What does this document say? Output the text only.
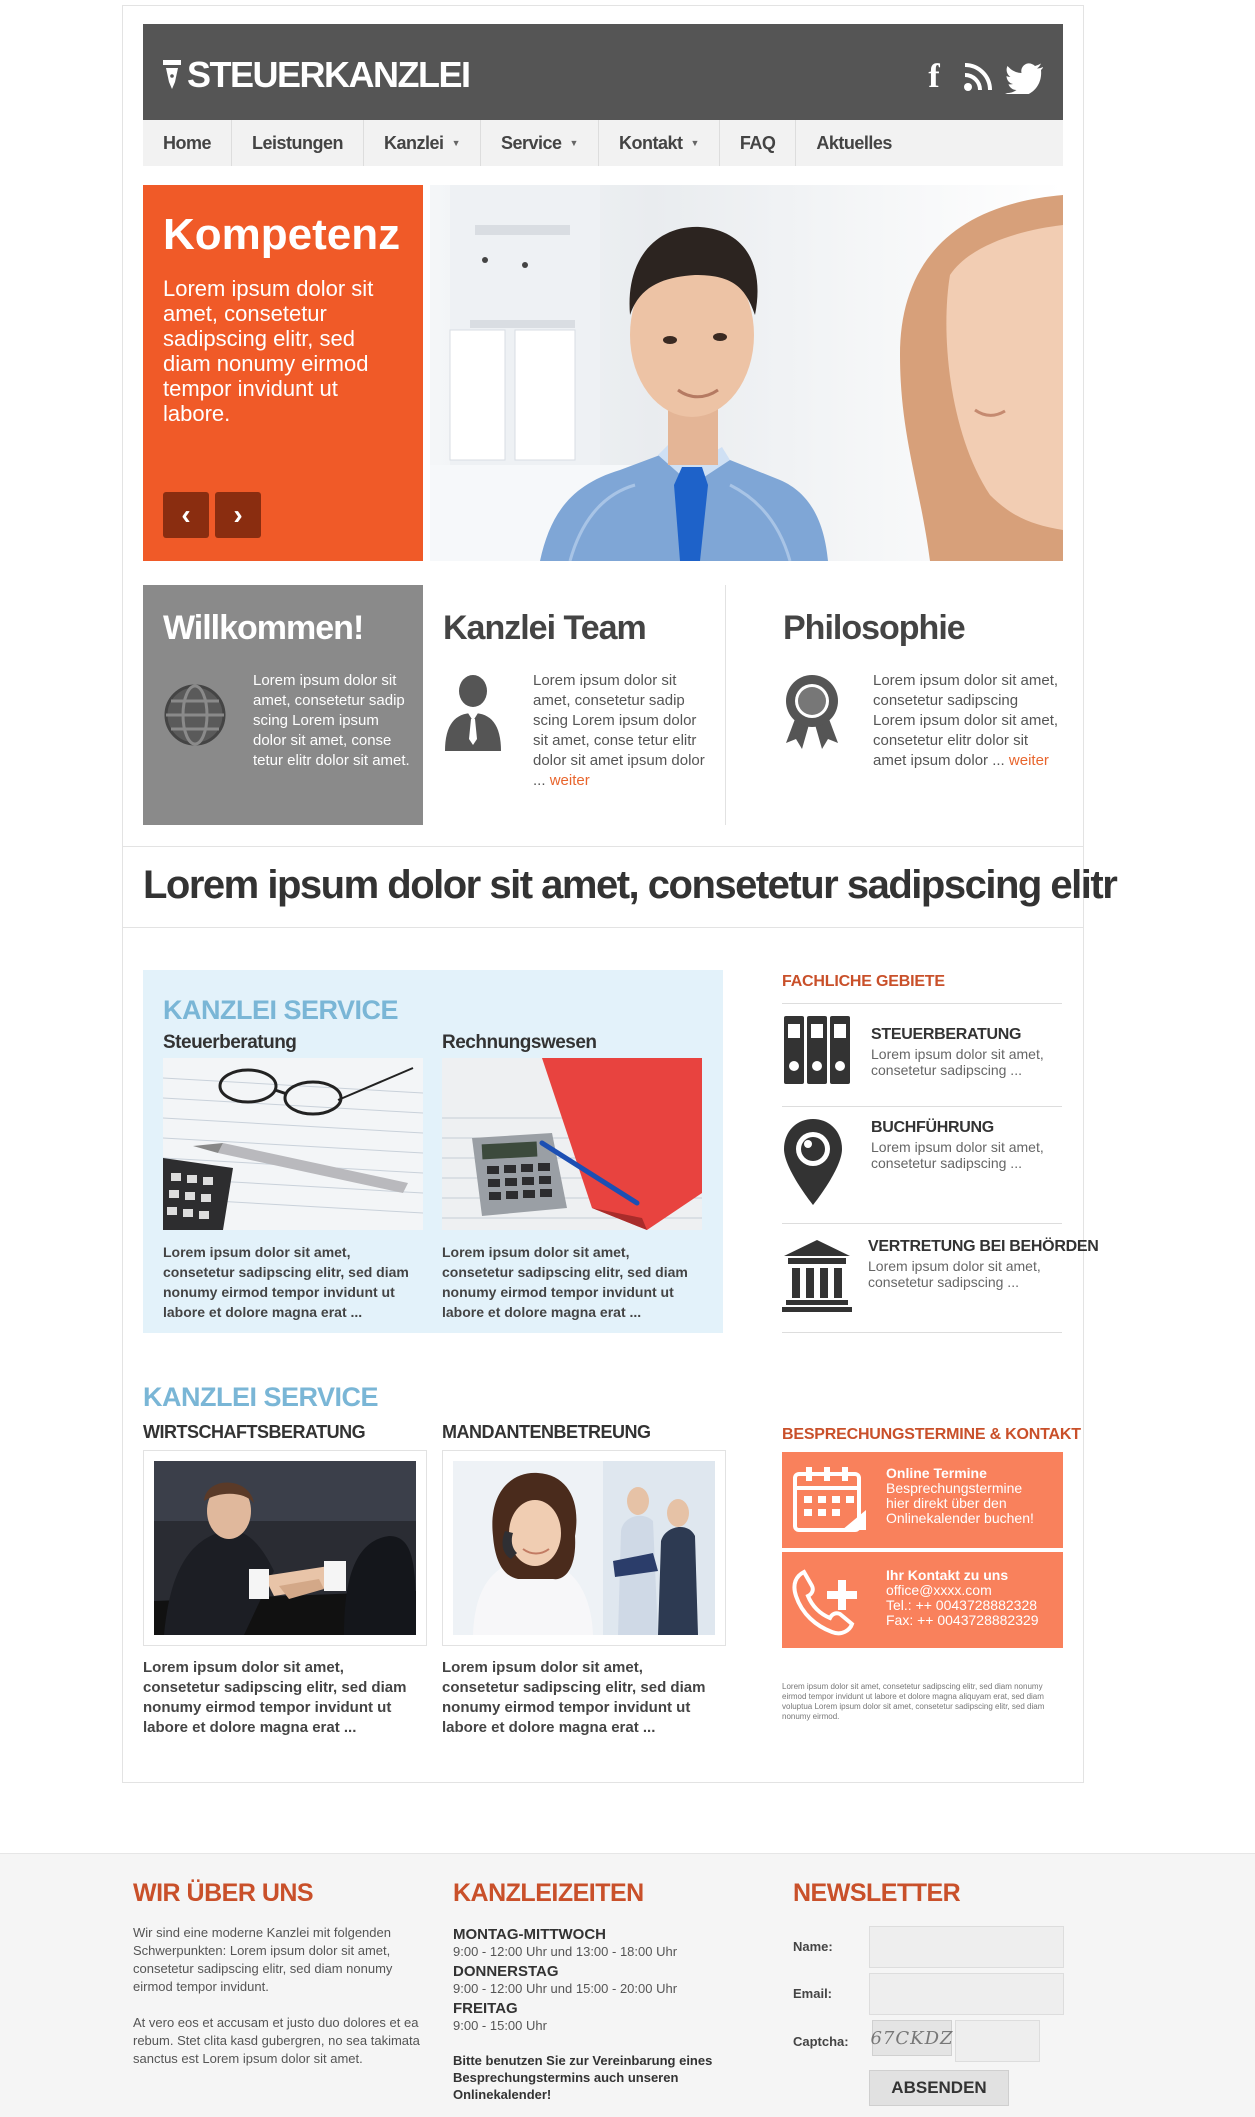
STEUERKANZLEI	f
Home Leistungen Kanzlei ▼ Service ▼ Kontakt ▼ FAQ Aktuelles
Kompetenz
Lorem ipsum dolor sit amet, consetetur sadipscing elitr, sed diam nonumy eirmod tempor invidunt ut labore.
‹	›
Willkommen!
Lorem ipsum dolor sit amet, consetetur sadip scing Lorem ipsum dolor sit amet, conse tetur elitr dolor sit amet.
Kanzlei Team
Lorem ipsum dolor sit amet, consetetur sadip scing Lorem ipsum dolor sit amet, conse tetur elitr dolor sit amet ipsum dolor ... weiter
Philosophie
Lorem ipsum dolor sit amet, consetetur sadipscing Lorem ipsum dolor sit amet, consetetur elitr dolor sit amet ipsum dolor ... weiter
Lorem ipsum dolor sit amet, consetetur sadipscing elitr
KANZLEI SERVICE
Steuerberatung	Rechnungswesen
Lorem ipsum dolor sit amet, consetetur sadipscing elitr, sed diam nonumy eirmod tempor invidunt ut labore et dolore magna erat ...
Lorem ipsum dolor sit amet, consetetur sadipscing elitr, sed diam nonumy eirmod tempor invidunt ut labore et dolore magna erat ...
FACHLICHE GEBIETE
STEUERBERATUNG
Lorem ipsum dolor sit amet, consetetur sadipscing ...
BUCHFÜHRUNG
Lorem ipsum dolor sit amet, consetetur sadipscing ...
VERTRETUNG BEI BEHÖRDEN
Lorem ipsum dolor sit amet, consetetur sadipscing ...
KANZLEI SERVICE
WIRTSCHAFTSBERATUNG	MANDANTENBETREUNG
Lorem ipsum dolor sit amet, consetetur sadipscing elitr, sed diam nonumy eirmod tempor invidunt ut labore et dolore magna erat ...
Lorem ipsum dolor sit amet, consetetur sadipscing elitr, sed diam nonumy eirmod tempor invidunt ut labore et dolore magna erat ...
BESPRECHUNGSTERMINE & KONTAKT
Online Termine
Besprechungstermine
hier direkt über den
Onlinekalender buchen!
Ihr Kontakt zu uns
office@xxxx.com
Tel.: ++ 0043728882328
Fax: ++ 0043728882329
Lorem ipsum dolor sit amet, consetetur sadipscing elitr, sed diam nonumy eirmod tempor invidunt ut labore et dolore magna aliquyam erat, sed diam voluptua Lorem ipsum dolor sit amet, consetetur sadipscing elitr, sed diam nonumy eirmod.
WIR ÜBER UNS
Wir sind eine moderne Kanzlei mit folgenden Schwerpunkten: Lorem ipsum dolor sit amet, consetetur sadipscing elitr, sed diam nonumy eirmod tempor invidunt.
At vero eos et accusam et justo duo dolores et ea rebum. Stet clita kasd gubergren, no sea takimata sanctus est Lorem ipsum dolor sit amet.
KANZLEIZEITEN
MONTAG-MITTWOCH
9:00 - 12:00 Uhr und 13:00 - 18:00 Uhr
DONNERSTAG
9:00 - 12:00 Uhr und 15:00 - 20:00 Uhr
FREITAG
9:00 - 15:00 Uhr
Bitte benutzen Sie zur Vereinbarung eines Besprechungstermins auch unseren Onlinekalender!
NEWSLETTER
Name:
Email:
Captcha: 67CKDZ
ABSENDEN
